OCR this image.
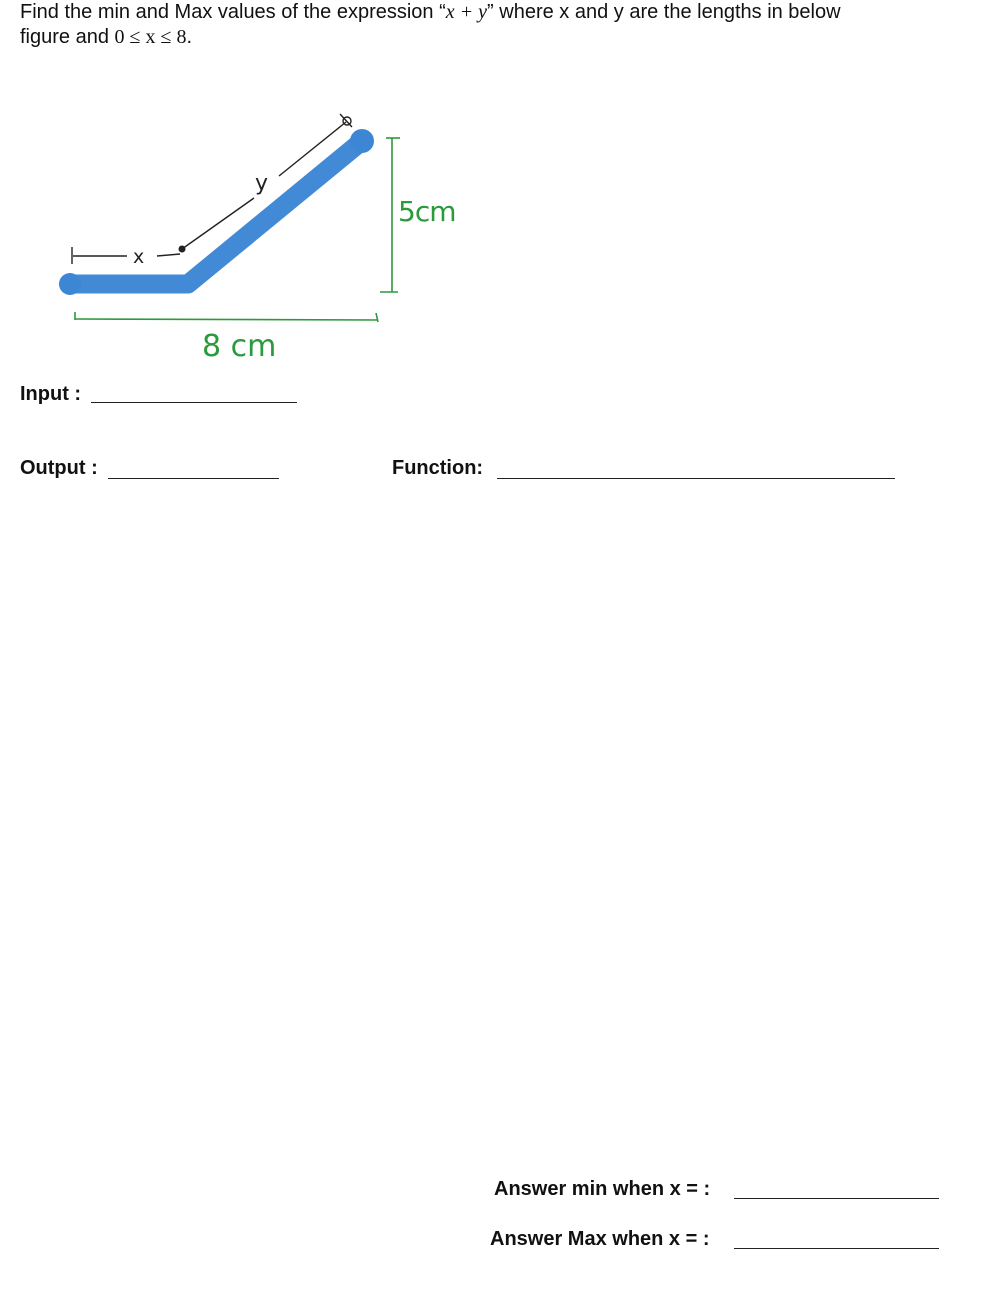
Find the min and Max values of the expression “x + y” where x and y are the lengths in below
figure and 0 ≤ x ≤ 8.
x
y
5cm
8 cm
Input :
Output :	Function:
Answer min when x = :
Answer Max when x = :
